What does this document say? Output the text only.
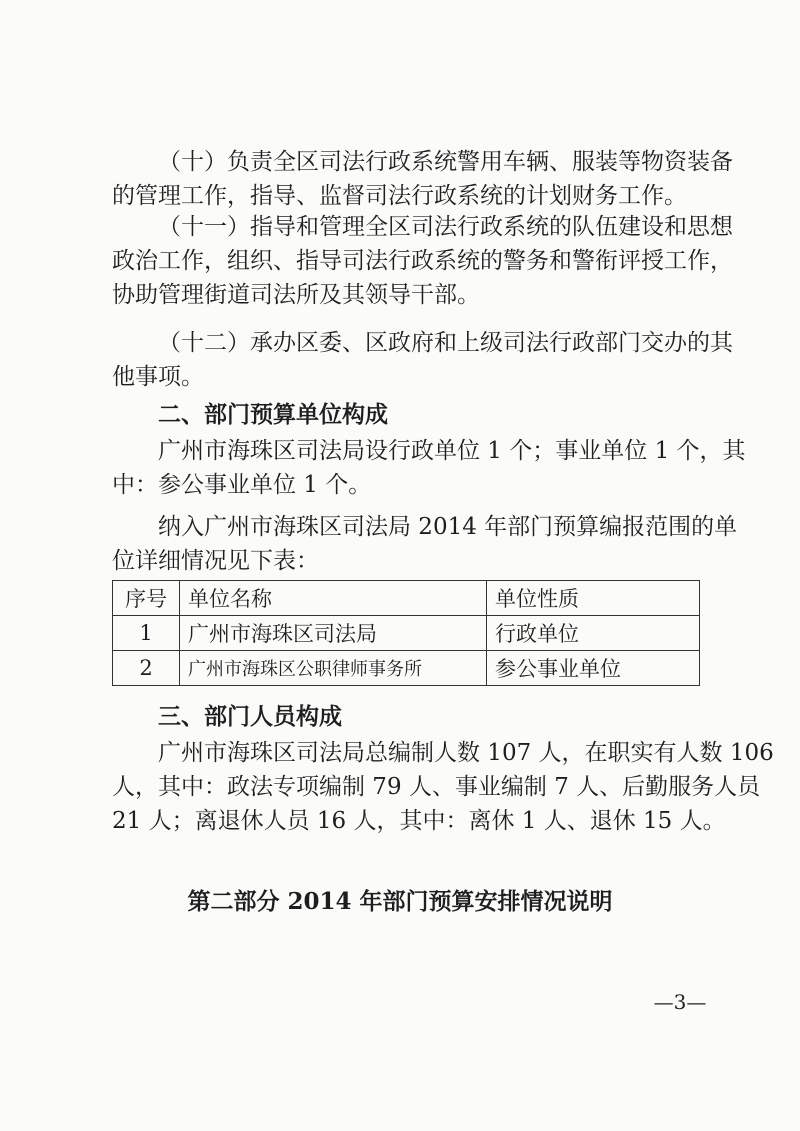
（十）负责全区司法行政系统警用车辆、服装等物资装备
的管理工作，指导、监督司法行政系统的计划财务工作。

（十一）指导和管理全区司法行政系统的队伍建设和思想
政治工作，组织、指导司法行政系统的警务和警衔评授工作，
协助管理街道司法所及其领导干部。

（十二）承办区委、区政府和上级司法行政部门交办的其
他事项。

二、部门预算单位构成

广州市海珠区司法局设行政单位 1 个；事业单位 1 个，其
中：参公事业单位 1 个。

纳入广州市海珠区司法局 2014 年部门预算编报范围的单
位详细情况见下表：

序号	单位名称	单位性质
1	广州市海珠区司法局	行政单位
2	广州市海珠区公职律师事务所	参公事业单位

三、部门人员构成

广州市海珠区司法局总编制人数 107 人，在职实有人数 106
人，其中：政法专项编制 79 人、事业编制 7 人、后勤服务人员
21 人；离退休人员 16 人，其中：离休 1 人、退休 15 人。

第二部分 2014 年部门预算安排情况说明
—3—
